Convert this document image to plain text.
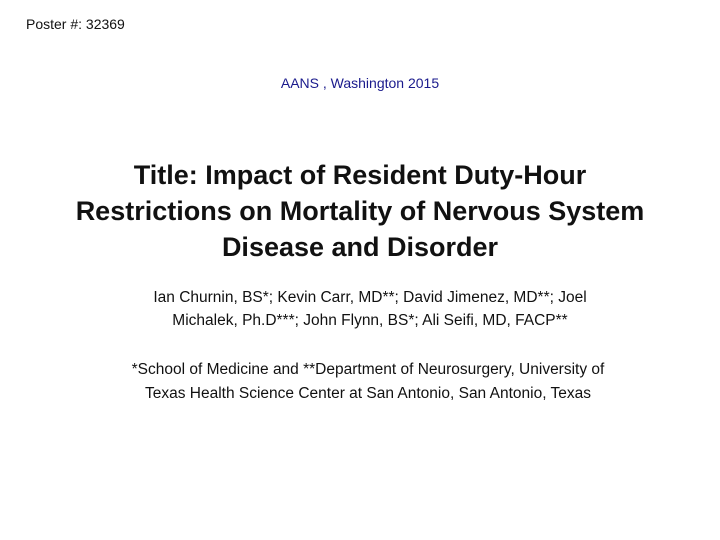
Poster #: 32369
AANS , Washington 2015
Title: Impact of Resident Duty-Hour
Restrictions on Mortality of Nervous System
Disease and Disorder
Ian Churnin, BS*; Kevin Carr, MD**; David Jimenez, MD**; Joel
Michalek, Ph.D***; John Flynn, BS*; Ali Seifi, MD, FACP**
*School of Medicine and **Department of Neurosurgery, University of
Texas Health Science Center at San Antonio, San Antonio, Texas
